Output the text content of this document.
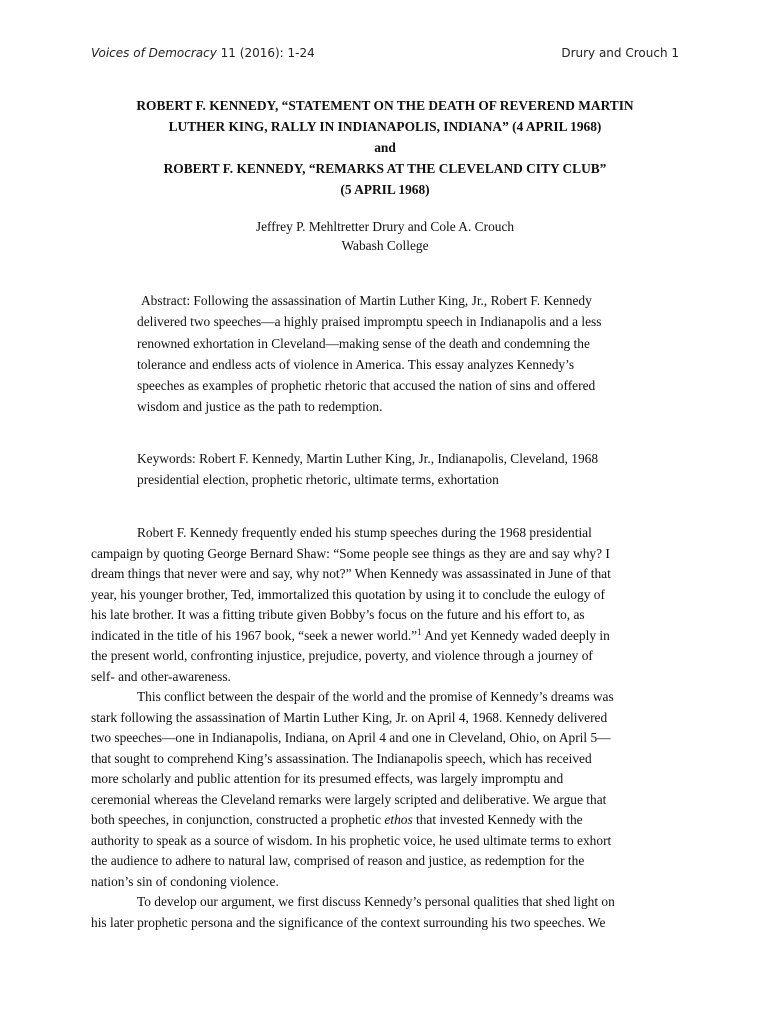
Voices of Democracy 11 (2016): 1-24	Drury and Crouch 1
ROBERT F. KENNEDY, “STATEMENT ON THE DEATH OF REVEREND MARTIN
LUTHER KING, RALLY IN INDIANAPOLIS, INDIANA” (4 APRIL 1968)
and
ROBERT F. KENNEDY, “REMARKS AT THE CLEVELAND CITY CLUB”
(5 APRIL 1968)
Jeffrey P. Mehltretter Drury and Cole A. Crouch
Wabash College
Abstract: Following the assassination of Martin Luther King, Jr., Robert F. Kennedy
delivered two speeches—a highly praised impromptu speech in Indianapolis and a less
renowned exhortation in Cleveland—making sense of the death and condemning the
tolerance and endless acts of violence in America. This essay analyzes Kennedy’s
speeches as examples of prophetic rhetoric that accused the nation of sins and offered
wisdom and justice as the path to redemption.
Keywords: Robert F. Kennedy, Martin Luther King, Jr., Indianapolis, Cleveland, 1968
presidential election, prophetic rhetoric, ultimate terms, exhortation
Robert F. Kennedy frequently ended his stump speeches during the 1968 presidential
campaign by quoting George Bernard Shaw: “Some people see things as they are and say why? I
dream things that never were and say, why not?” When Kennedy was assassinated in June of that
year, his younger brother, Ted, immortalized this quotation by using it to conclude the eulogy of
his late brother. It was a fitting tribute given Bobby’s focus on the future and his effort to, as
indicated in the title of his 1967 book, “seek a newer world.”$^1$ And yet Kennedy waded deeply in
the present world, confronting injustice, prejudice, poverty, and violence through a journey of
self- and other-awareness.
This conflict between the despair of the world and the promise of Kennedy’s dreams was
stark following the assassination of Martin Luther King, Jr. on April 4, 1968. Kennedy delivered
two speeches—one in Indianapolis, Indiana, on April 4 and one in Cleveland, Ohio, on April 5—
that sought to comprehend King’s assassination. The Indianapolis speech, which has received
more scholarly and public attention for its presumed effects, was largely impromptu and
ceremonial whereas the Cleveland remarks were largely scripted and deliberative. We argue that
both speeches, in conjunction, constructed a prophetic ethos that invested Kennedy with the
authority to speak as a source of wisdom. In his prophetic voice, he used ultimate terms to exhort
the audience to adhere to natural law, comprised of reason and justice, as redemption for the
nation’s sin of condoning violence.
To develop our argument, we first discuss Kennedy’s personal qualities that shed light on
his later prophetic persona and the significance of the context surrounding his two speeches. We
